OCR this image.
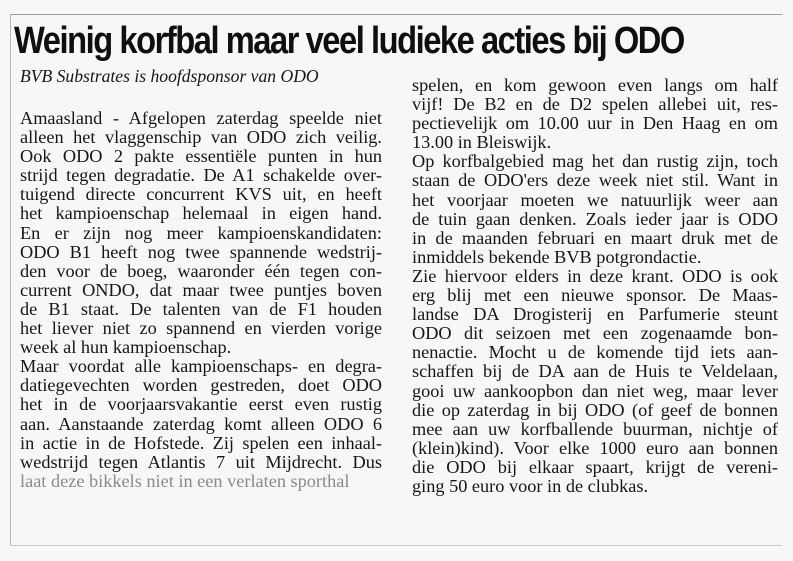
Weinig korfbal maar veel ludieke acties bij ODO
BVB Substrates is hoofdsponsor van ODO
Amaasland - Afgelopen zaterdag speelde niet
alleen het vlaggenschip van ODO zich veilig.
Ook ODO 2 pakte essentiële punten in hun
strijd tegen degradatie. De A1 schakelde over-
tuigend directe concurrent KVS uit, en heeft
het kampioenschap helemaal in eigen hand.
En er zijn nog meer kampioenskandidaten:
ODO B1 heeft nog twee spannende wedstrij-
den voor de boeg, waaronder één tegen con-
current ONDO, dat maar twee puntjes boven
de B1 staat. De talenten van de F1 houden
het liever niet zo spannend en vierden vorige
week al hun kampioenschap.
Maar voordat alle kampioenschaps- en degra-
datiegevechten worden gestreden, doet ODO
het in de voorjaarsvakantie eerst even rustig
aan. Aanstaande zaterdag komt alleen ODO 6
in actie in de Hofstede. Zij spelen een inhaal-
wedstrijd tegen Atlantis 7 uit Mijdrecht. Dus
laat deze bikkels niet in een verlaten sporthal
spelen, en kom gewoon even langs om half
vijf! De B2 en de D2 spelen allebei uit, res-
pectievelijk om 10.00 uur in Den Haag en om
13.00 in Bleiswijk.
Op korfbalgebied mag het dan rustig zijn, toch
staan de ODO'ers deze week niet stil. Want in
het voorjaar moeten we natuurlijk weer aan
de tuin gaan denken. Zoals ieder jaar is ODO
in de maanden februari en maart druk met de
inmiddels bekende BVB potgrondactie.
Zie hiervoor elders in deze krant. ODO is ook
erg blij met een nieuwe sponsor. De Maas-
landse DA Drogisterij en Parfumerie steunt
ODO dit seizoen met een zogenaamde bon-
nenactie. Mocht u de komende tijd iets aan-
schaffen bij de DA aan de Huis te Veldelaan,
gooi uw aankoopbon dan niet weg, maar lever
die op zaterdag in bij ODO (of geef de bonnen
mee aan uw korfballende buurman, nichtje of
(klein)kind). Voor elke 1000 euro aan bonnen
die ODO bij elkaar spaart, krijgt de vereni-
ging 50 euro voor in de clubkas.
